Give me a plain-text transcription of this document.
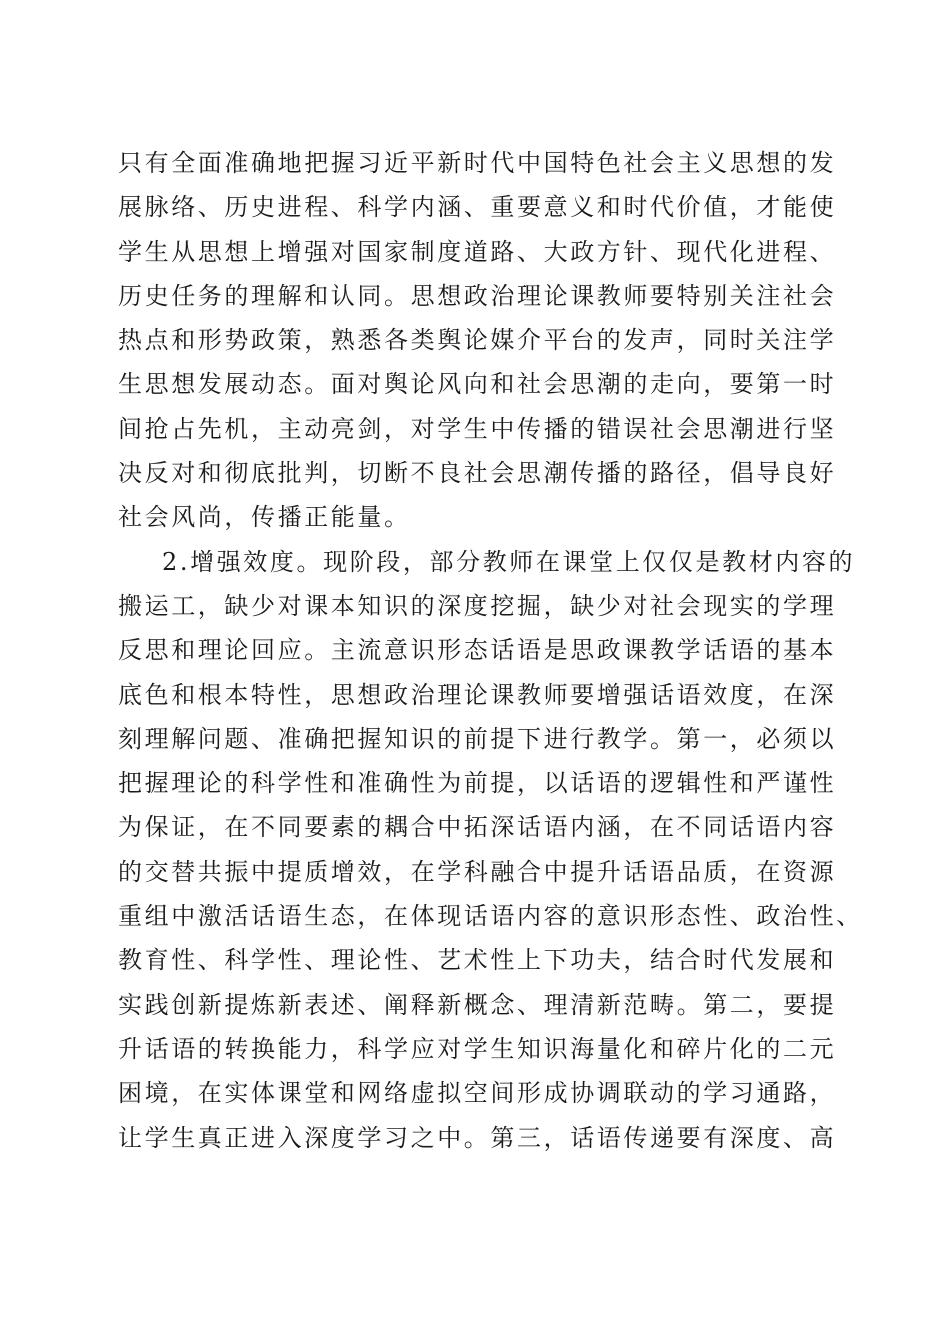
只有全面准确地把握习近平新时代中国特色社会主义思想的发
展脉络、历史进程、科学内涵、重要意义和时代价值，才能使
学生从思想上增强对国家制度道路、大政方针、现代化进程、
历史任务的理解和认同。思想政治理论课教师要特别关注社会
热点和形势政策，熟悉各类舆论媒介平台的发声，同时关注学
生思想发展动态。面对舆论风向和社会思潮的走向，要第一时
间抢占先机，主动亮剑，对学生中传播的错误社会思潮进行坚
决反对和彻底批判，切断不良社会思潮传播的路径，倡导良好
社会风尚，传播正能量。
2.增强效度。现阶段，部分教师在课堂上仅仅是教材内容的
搬运工，缺少对课本知识的深度挖掘，缺少对社会现实的学理
反思和理论回应。主流意识形态话语是思政课教学话语的基本
底色和根本特性，思想政治理论课教师要增强话语效度，在深
刻理解问题、准确把握知识的前提下进行教学。第一，必须以
把握理论的科学性和准确性为前提，以话语的逻辑性和严谨性
为保证，在不同要素的耦合中拓深话语内涵，在不同话语内容
的交替共振中提质增效，在学科融合中提升话语品质，在资源
重组中激活话语生态，在体现话语内容的意识形态性、政治性、
教育性、科学性、理论性、艺术性上下功夫，结合时代发展和
实践创新提炼新表述、阐释新概念、理清新范畴。第二，要提
升话语的转换能力，科学应对学生知识海量化和碎片化的二元
困境，在实体课堂和网络虚拟空间形成协调联动的学习通路，
让学生真正进入深度学习之中。第三，话语传递要有深度、高
